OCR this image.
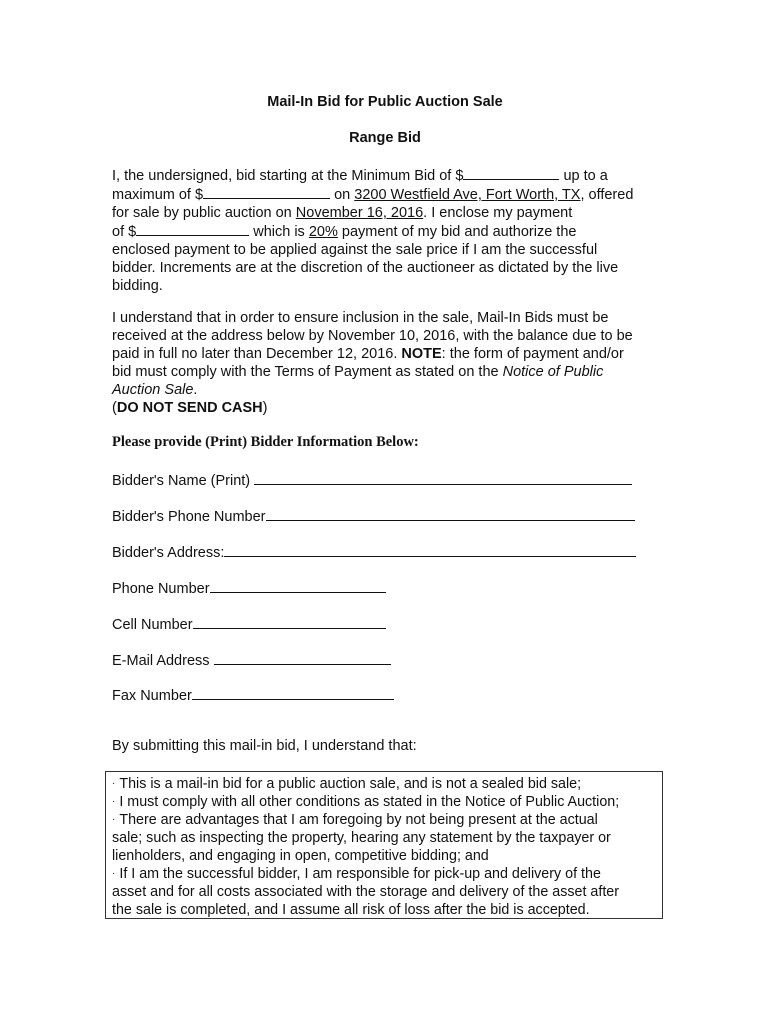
Mail-In Bid for Public Auction Sale
Range Bid
I, the undersigned, bid starting at the Minimum Bid of $	up to a
maximum of $	on 3200 Westfield Ave, Fort Worth, TX, offered
for sale by public auction on November 16, 2016. I enclose my payment
of $	which is 20% payment of my bid and authorize the
enclosed payment to be applied against the sale price if I am the successful
bidder. Increments are at the discretion of the auctioneer as dictated by the live
bidding.
I understand that in order to ensure inclusion in the sale, Mail-In Bids must be
received at the address below by November 10, 2016, with the balance due to be
paid in full no later than December 12, 2016. NOTE: the form of payment and/or
bid must comply with the Terms of Payment as stated on the Notice of Public
Auction Sale.
(DO NOT SEND CASH)
Please provide (Print) Bidder Information Below:
Bidder's Name (Print)
Bidder's Phone Number
Bidder's Address:
Phone Number
Cell Number
E-Mail Address
Fax Number
By submitting this mail-in bid, I understand that:
· This is a mail-in bid for a public auction sale, and is not a sealed bid sale;
· I must comply with all other conditions as stated in the Notice of Public Auction;
· There are advantages that I am foregoing by not being present at the actual
sale; such as inspecting the property, hearing any statement by the taxpayer or
lienholders, and engaging in open, competitive bidding; and
· If I am the successful bidder, I am responsible for pick-up and delivery of the
asset and for all costs associated with the storage and delivery of the asset after
the sale is completed, and I assume all risk of loss after the bid is accepted.
